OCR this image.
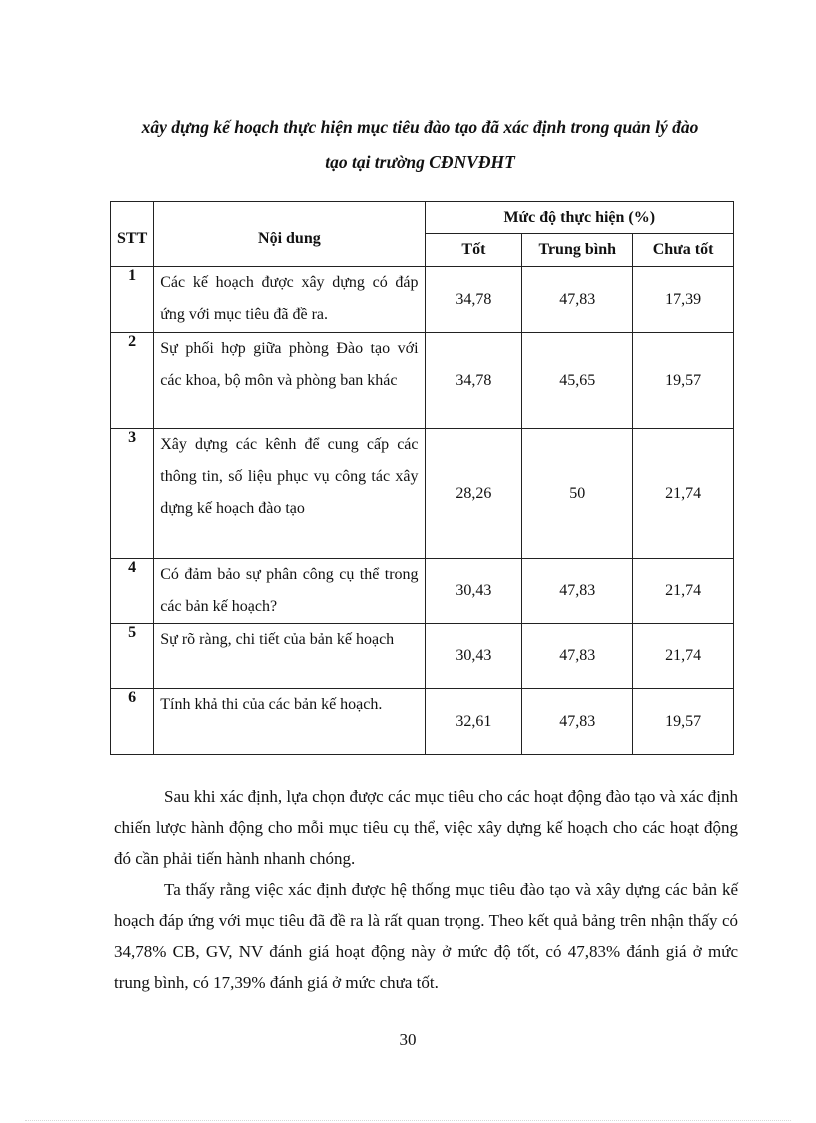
xây dựng kế hoạch thực hiện mục tiêu đào tạo đã xác định trong quản lý đào
tạo tại trường CĐNVĐHT
STT	Nội dung	Mức độ thực hiện (%)		
		Tốt	Trung bình	Chưa tốt
1	Các kế hoạch được xây dựng có đáp ứng với mục tiêu đã đề ra.	34,78	47,83	17,39
2	Sự phối hợp giữa phòng Đào tạo với các khoa, bộ môn và phòng ban khác	34,78	45,65	19,57
3	Xây dựng các kênh để cung cấp các thông tin, số liệu phục vụ công tác xây dựng kế hoạch đào tạo	28,26	50	21,74
4	Có đảm bảo sự phân công cụ thể trong các bản kế hoạch?	30,43	47,83	21,74
5	Sự rõ ràng, chi tiết của bản kế hoạch	30,43	47,83	21,74
6	Tính khả thi của các bản kế hoạch.	32,61	47,83	19,57

Sau khi xác định, lựa chọn được các mục tiêu cho các hoạt động đào tạo và xác định chiến lược hành động cho mỗi mục tiêu cụ thể, việc xây dựng kế hoạch cho các hoạt động đó cần phải tiến hành nhanh chóng.

Ta thấy rằng việc xác định được hệ thống mục tiêu đào tạo và xây dựng các bản kế hoạch đáp ứng với mục tiêu đã đề ra là rất quan trọng. Theo kết quả bảng trên nhận thấy có 34,78% CB, GV, NV đánh giá hoạt động này ở mức độ tốt, có 47,83% đánh giá ở mức trung bình, có 17,39% đánh giá ở mức chưa tốt.

30
